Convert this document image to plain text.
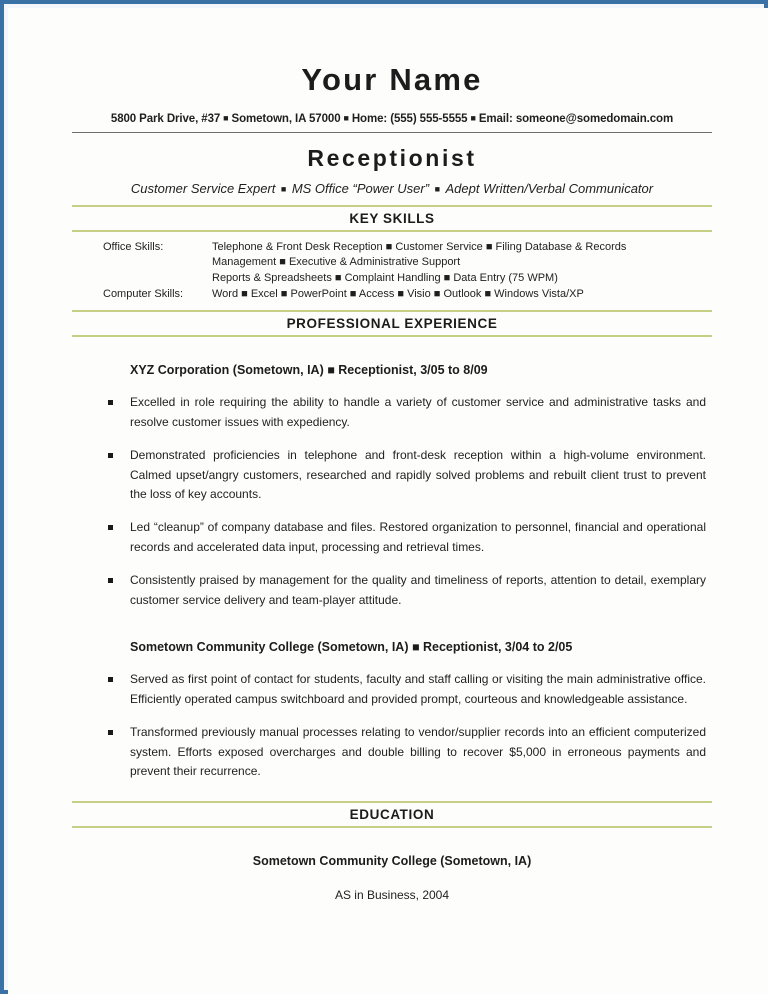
Your Name
5800 Park Drive, #37 ■ Sometown, IA 57000 ■ Home: (555) 555-5555 ■ Email: someone@somedomain.com
Receptionist
Customer Service Expert ■ MS Office “Power User” ■ Adept Written/Verbal Communicator
KEY SKILLS
Office Skills:	Telephone & Front Desk Reception ■ Customer Service ■ Filing Database & Records
Management ■ Executive & Administrative Support
Reports & Spreadsheets ■ Complaint Handling ■ Data Entry (75 WPM)
Computer Skills:	Word ■ Excel ■ PowerPoint ■ Access ■ Visio ■ Outlook ■ Windows Vista/XP
PROFESSIONAL EXPERIENCE
XYZ Corporation (Sometown, IA) ■ Receptionist, 3/05 to 8/09
Excelled in role requiring the ability to handle a variety of customer service and administrative tasks and resolve customer issues with expediency.
Demonstrated proficiencies in telephone and front-desk reception within a high-volume environment. Calmed upset/angry customers, researched and rapidly solved problems and rebuilt client trust to prevent the loss of key accounts.
Led “cleanup” of company database and files. Restored organization to personnel, financial and operational records and accelerated data input, processing and retrieval times.
Consistently praised by management for the quality and timeliness of reports, attention to detail, exemplary customer service delivery and team-player attitude.
Sometown Community College (Sometown, IA) ■ Receptionist, 3/04 to 2/05
Served as first point of contact for students, faculty and staff calling or visiting the main administrative office. Efficiently operated campus switchboard and provided prompt, courteous and knowledgeable assistance.
Transformed previously manual processes relating to vendor/supplier records into an efficient computerized system. Efforts exposed overcharges and double billing to recover $5,000 in erroneous payments and prevent their recurrence.
EDUCATION
Sometown Community College (Sometown, IA)
AS in Business, 2004
